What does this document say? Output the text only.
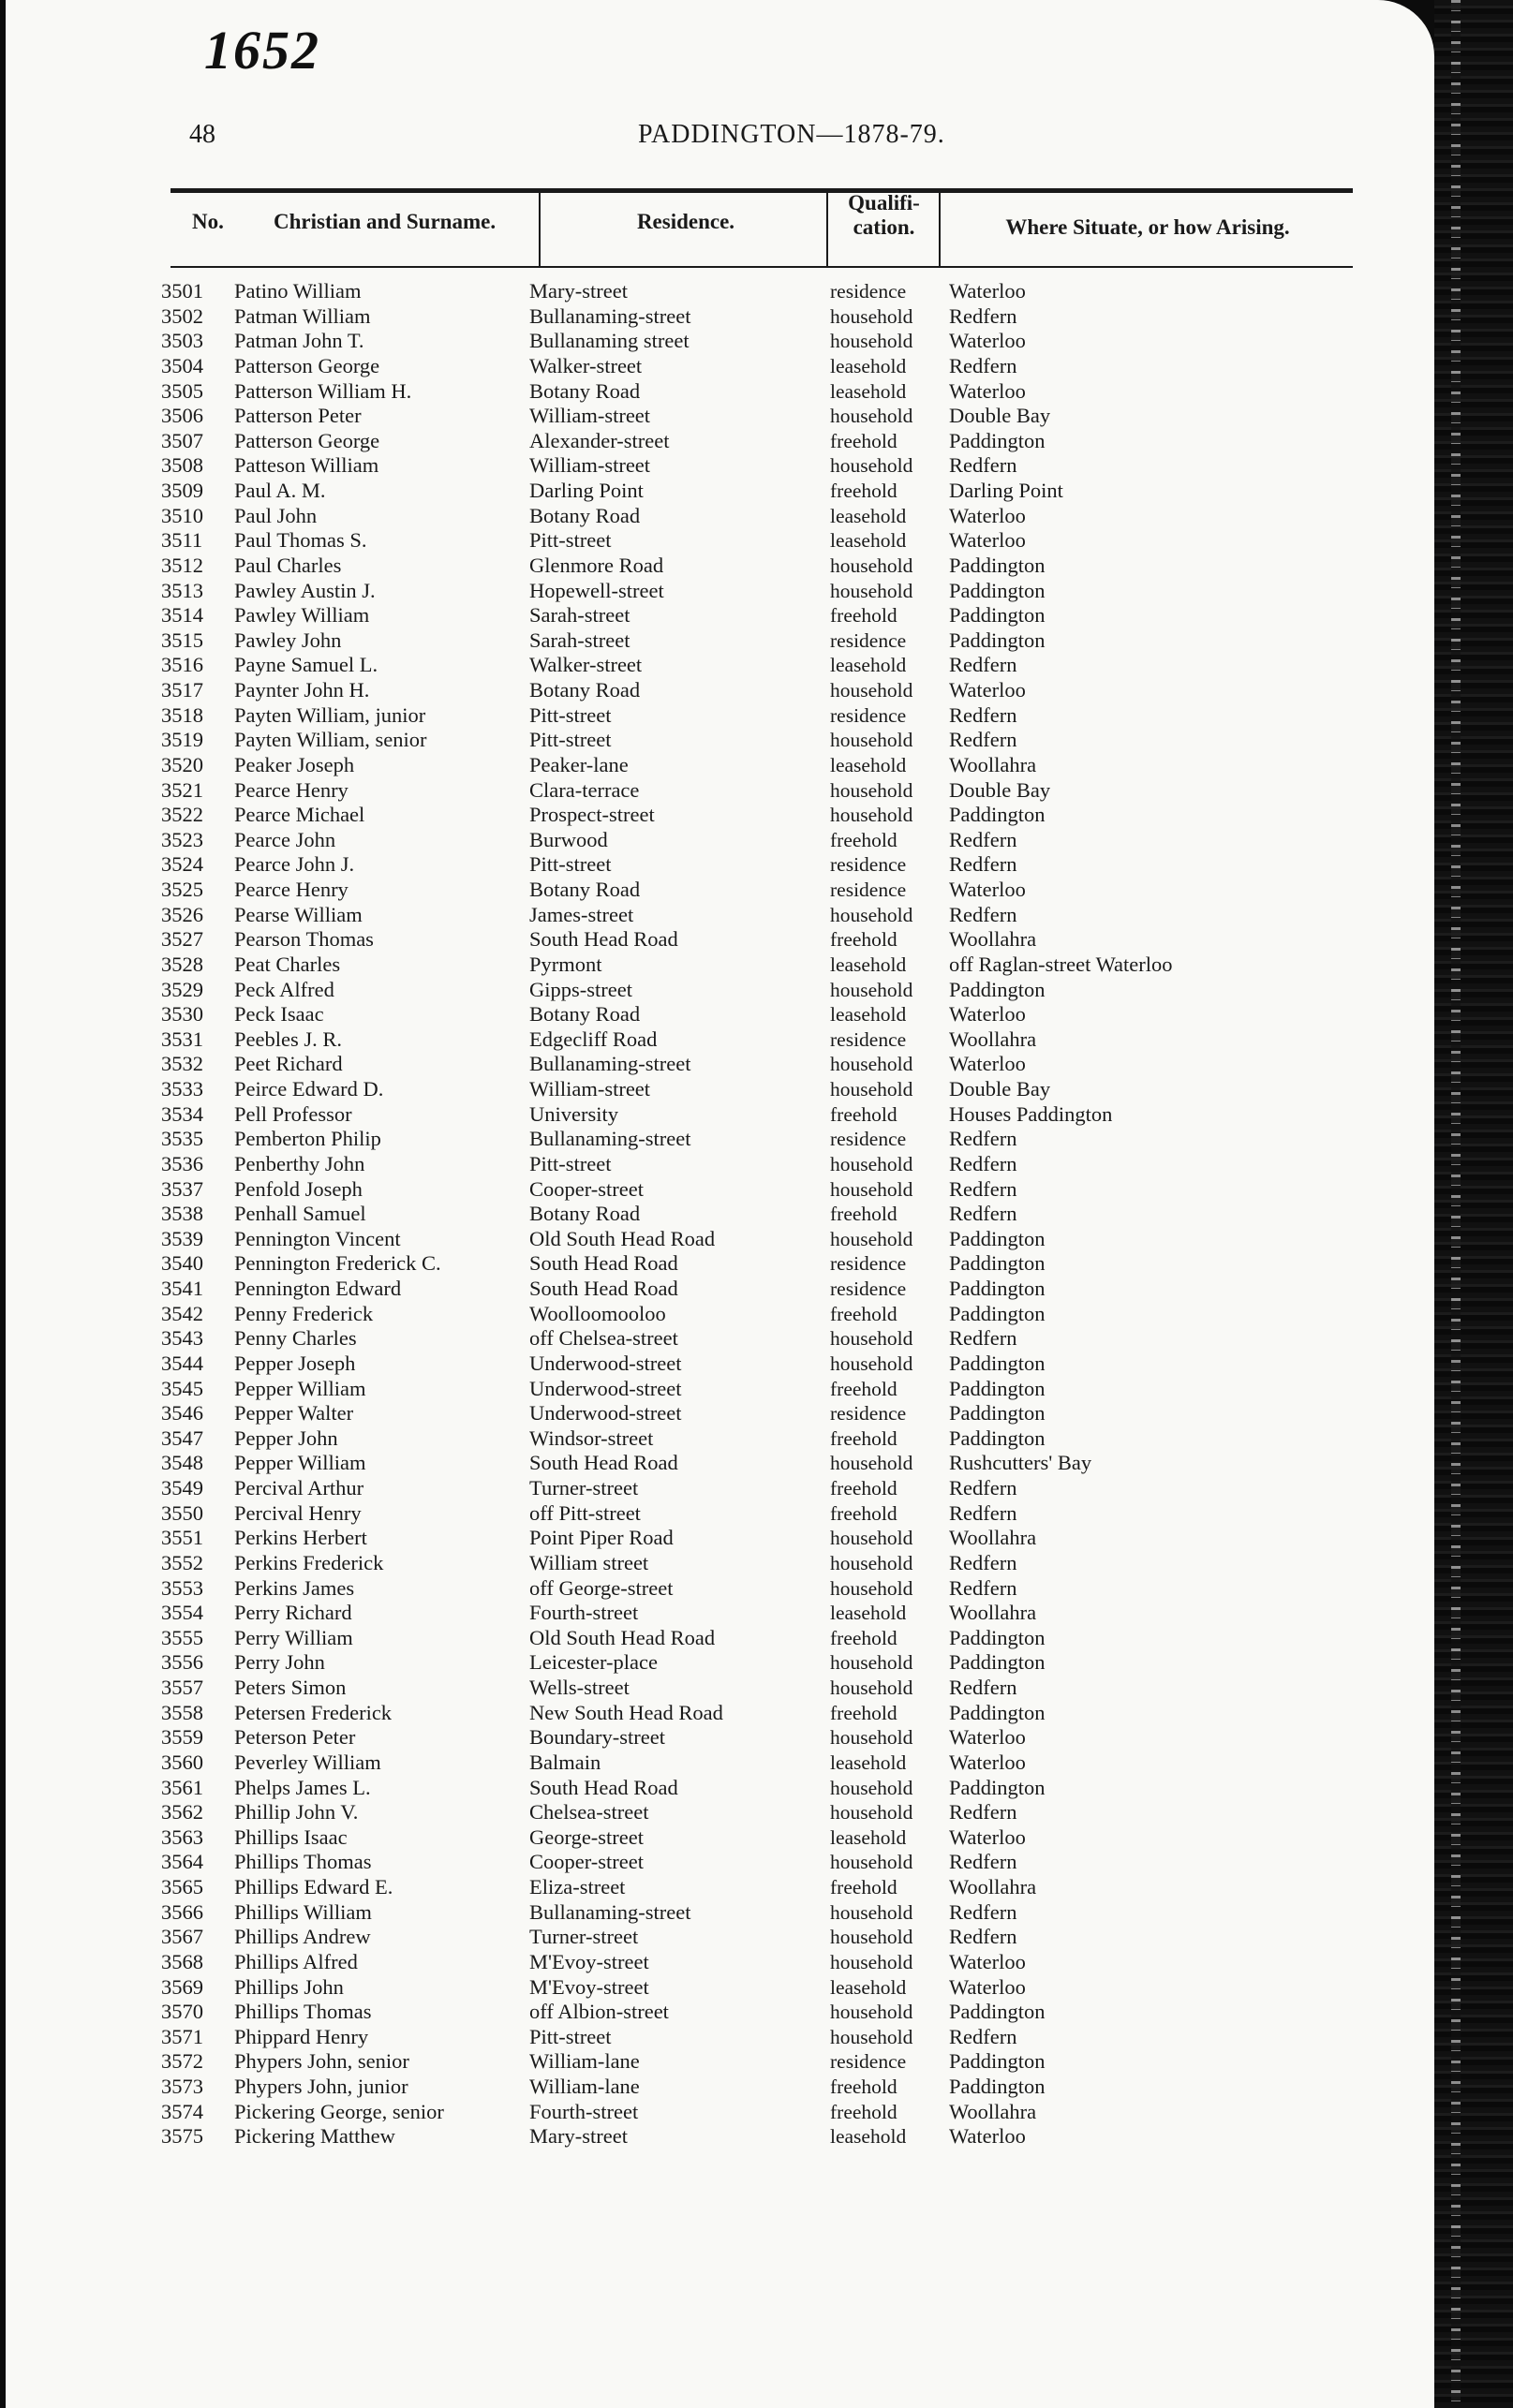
1652
48	PADDINGTON—1878-79.
No. Christian and Surname.	Residence.
Qualifi-
cation.	Where Situate, or how Arising.
3501 Patino William	Mary-street	residence Waterloo
3502 Patman William	Bullanaming-street	household Redfern
3503 Patman John T.	Bullanaming street	household Waterloo
3504 Patterson George	Walker-street	leasehold Redfern
3505 Patterson William H.	Botany Road	leasehold Waterloo
3506 Patterson Peter	William-street	household Double Bay
3507 Patterson George	Alexander-street	freehold Paddington
3508 Patteson William	William-street	household Redfern
3509 Paul A. M.	Darling Point	freehold Darling Point
3510 Paul John	Botany Road	leasehold Waterloo
3511 Paul Thomas S.	Pitt-street	leasehold Waterloo
3512 Paul Charles	Glenmore Road	household Paddington
3513 Pawley Austin J.	Hopewell-street	household Paddington
3514 Pawley William	Sarah-street	freehold Paddington
3515 Pawley John	Sarah-street	residence Paddington
3516 Payne Samuel L.	Walker-street	leasehold Redfern
3517 Paynter John H.	Botany Road	household Waterloo
3518 Payten William, junior	Pitt-street	residence Redfern
3519 Payten William, senior	Pitt-street	household Redfern
3520 Peaker Joseph	Peaker-lane	leasehold Woollahra
3521 Pearce Henry	Clara-terrace	household Double Bay
3522 Pearce Michael	Prospect-street	household Paddington
3523 Pearce John	Burwood	freehold Redfern
3524 Pearce John J.	Pitt-street	residence Redfern
3525 Pearce Henry	Botany Road	residence Waterloo
3526 Pearse William	James-street	household Redfern
3527 Pearson Thomas	South Head Road	freehold Woollahra
3528 Peat Charles	Pyrmont	leasehold off Raglan-street Waterloo
3529 Peck Alfred	Gipps-street	household Paddington
3530 Peck Isaac	Botany Road	leasehold Waterloo
3531 Peebles J. R.	Edgecliff Road	residence Woollahra
3532 Peet Richard	Bullanaming-street	household Waterloo
3533 Peirce Edward D.	William-street	household Double Bay
3534 Pell Professor	University	freehold Houses Paddington
3535 Pemberton Philip	Bullanaming-street	residence Redfern
3536 Penberthy John	Pitt-street	household Redfern
3537 Penfold Joseph	Cooper-street	household Redfern
3538 Penhall Samuel	Botany Road	freehold Redfern
3539 Pennington Vincent	Old South Head Road	household Paddington
3540 Pennington Frederick C.	South Head Road	residence Paddington
3541 Pennington Edward	South Head Road	residence Paddington
3542 Penny Frederick	Woolloomooloo	freehold Paddington
3543 Penny Charles	off Chelsea-street	household Redfern
3544 Pepper Joseph	Underwood-street	household Paddington
3545 Pepper William	Underwood-street	freehold Paddington
3546 Pepper Walter	Underwood-street	residence Paddington
3547 Pepper John	Windsor-street	freehold Paddington
3548 Pepper William	South Head Road	household Rushcutters' Bay
3549 Percival Arthur	Turner-street	freehold Redfern
3550 Percival Henry	off Pitt-street	freehold Redfern
3551 Perkins Herbert	Point Piper Road	household Woollahra
3552 Perkins Frederick	William street	household Redfern
3553 Perkins James	off George-street	household Redfern
3554 Perry Richard	Fourth-street	leasehold Woollahra
3555 Perry William	Old South Head Road	freehold Paddington
3556 Perry John	Leicester-place	household Paddington
3557 Peters Simon	Wells-street	household Redfern
3558 Petersen Frederick	New South Head Road	freehold Paddington
3559 Peterson Peter	Boundary-street	household Waterloo
3560 Peverley William	Balmain	leasehold Waterloo
3561 Phelps James L.	South Head Road	household Paddington
3562 Phillip John V.	Chelsea-street	household Redfern
3563 Phillips Isaac	George-street	leasehold Waterloo
3564 Phillips Thomas	Cooper-street	household Redfern
3565 Phillips Edward E.	Eliza-street	freehold Woollahra
3566 Phillips William	Bullanaming-street	household Redfern
3567 Phillips Andrew	Turner-street	household Redfern
3568 Phillips Alfred	M'Evoy-street	household Waterloo
3569 Phillips John	M'Evoy-street	leasehold Waterloo
3570 Phillips Thomas	off Albion-street	household Paddington
3571 Phippard Henry	Pitt-street	household Redfern
3572 Phypers John, senior	William-lane	residence Paddington
3573 Phypers John, junior	William-lane	freehold Paddington
3574 Pickering George, senior	Fourth-street	freehold Woollahra
3575 Pickering Matthew	Mary-street	leasehold Waterloo
